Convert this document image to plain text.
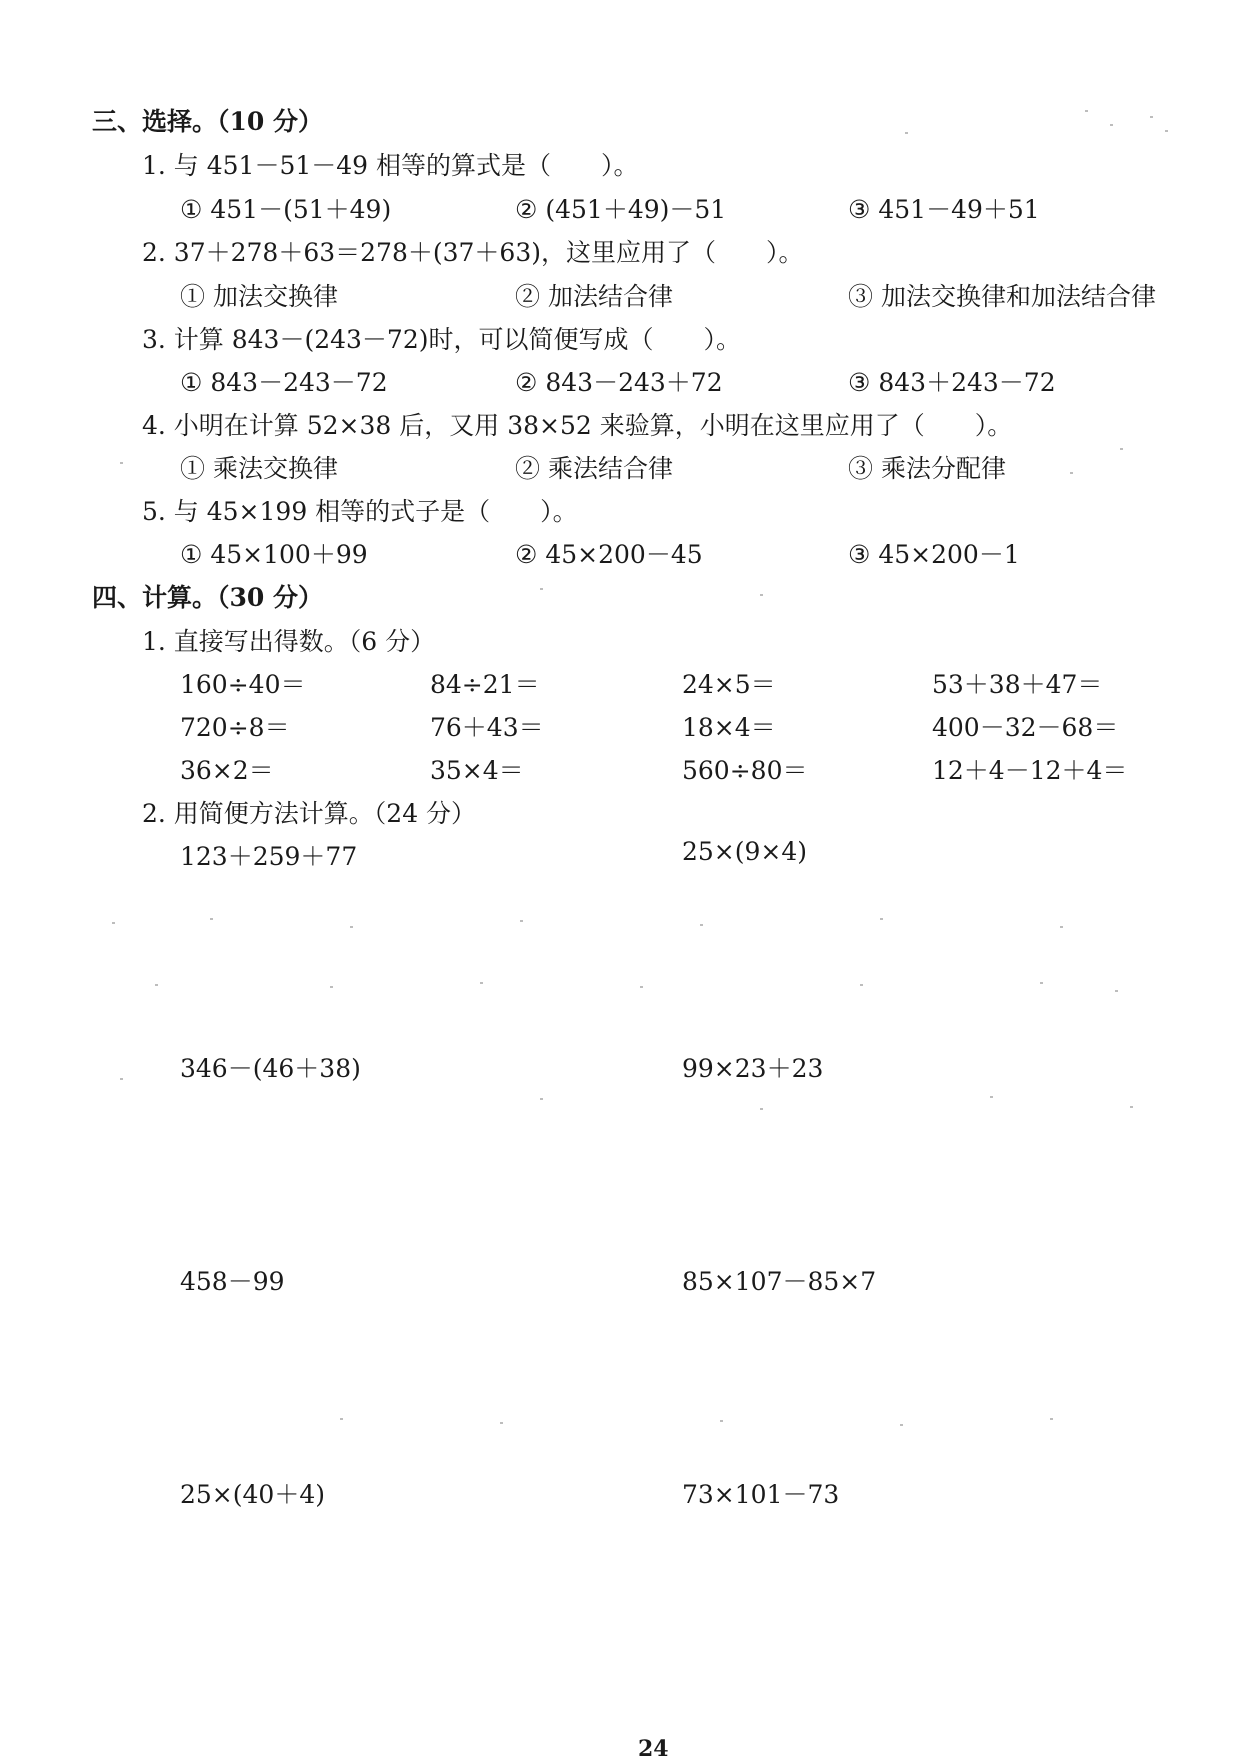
三、选择。（10 分）
1. 与 451－51－49 相等的算式是（　　）。
① 451－(51＋49)	② (451＋49)－51	③ 451－49＋51
2. 37＋278＋63＝278＋(37＋63)，这里应用了（　　）。
① 加法交换律	② 加法结合律	③ 加法交换律和加法结合律
3. 计算 843－(243－72)时，可以简便写成（　　）。
① 843－243－72	② 843－243＋72	③ 843＋243－72
4. 小明在计算 52×38 后，又用 38×52 来验算，小明在这里应用了（　　）。
① 乘法交换律	② 乘法结合律	③ 乘法分配律
5. 与 45×199 相等的式子是（　　）。
① 45×100＋99	② 45×200－45	③ 45×200－1
四、计算。（30 分）
1. 直接写出得数。（6 分）
160÷40＝	84÷21＝	24×5＝	53＋38＋47＝
720÷8＝	76＋43＝	18×4＝	400－32－68＝
36×2＝	35×4＝	560÷80＝	12＋4－12＋4＝
2. 用简便方法计算。（24 分）
123＋259＋77	25×(9×4)
346－(46＋38)	99×23＋23
458－99	85×107－85×7
25×(40＋4)	73×101－73
24
